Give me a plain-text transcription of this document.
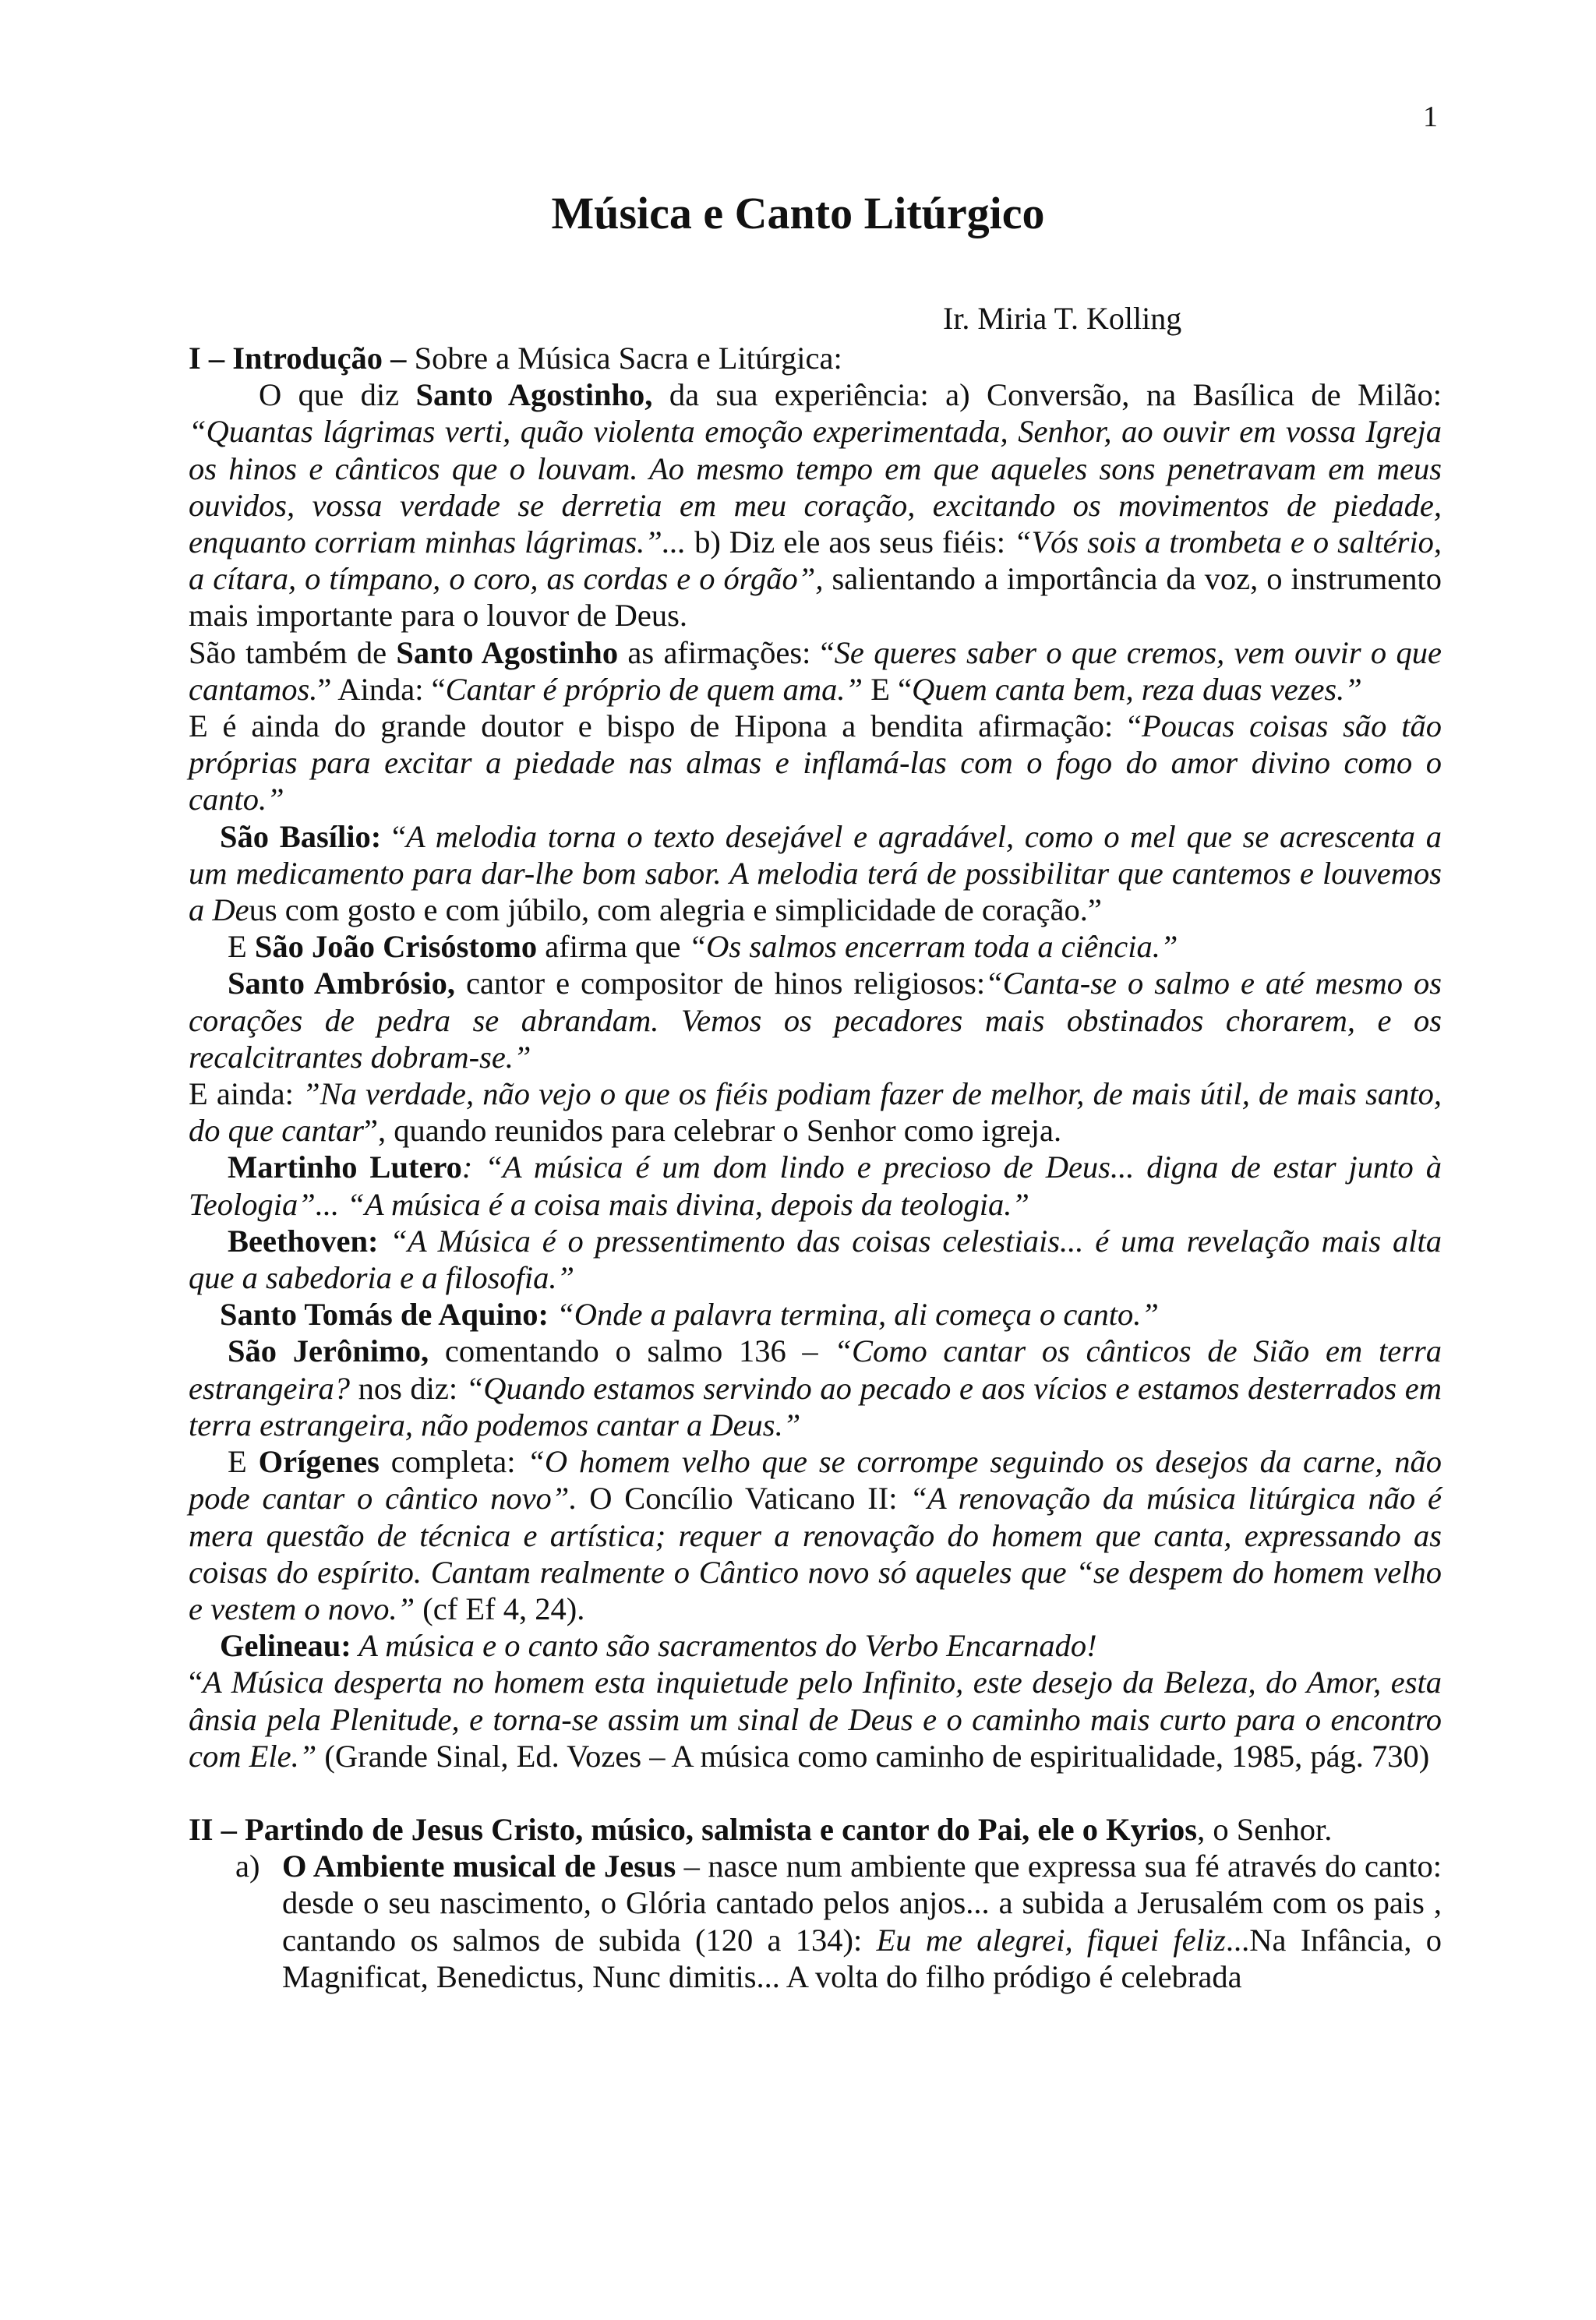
1
Música e Canto Litúrgico
Ir. Miria T. Kolling

I – Introdução – Sobre a Música Sacra e Litúrgica:

O que diz Santo Agostinho, da sua experiência: a) Conversão, na Basílica de Milão: “Quantas lágrimas verti, quão violenta emoção experimentada, Senhor, ao ouvir em vossa Igreja os hinos e cânticos que o louvam. Ao mesmo tempo em que aqueles sons penetravam em meus ouvidos, vossa verdade se derretia em meu coração, excitando os movimentos de piedade, enquanto corriam minhas lágrimas.”... b) Diz ele aos seus fiéis: “Vós sois a trombeta e o saltério, a cítara, o tímpano, o coro, as cordas e o órgão”, salientando a importância da voz, o instrumento mais importante para o louvor de Deus.

São também de Santo Agostinho as afirmações: “Se queres saber o que cremos, vem ouvir o que cantamos.” Ainda: “Cantar é próprio de quem ama.” E “Quem canta bem, reza duas vezes.”

E é ainda do grande doutor e bispo de Hipona a bendita afirmação: “Poucas coisas são tão próprias para excitar a piedade nas almas e inflamá-las com o fogo do amor divino como o canto.”

São Basílio: “A melodia torna o texto desejável e agradável, como o mel que se acrescenta a um medicamento para dar-lhe bom sabor. A melodia terá de possibilitar que cantemos e louvemos a Deus com gosto e com júbilo, com alegria e simplicidade de coração.”

E São João Crisóstomo afirma que “Os salmos encerram toda a ciência.”

Santo Ambrósio, cantor e compositor de hinos religiosos:“Canta-se o salmo e até mesmo os corações de pedra se abrandam. Vemos os pecadores mais obstinados chorarem, e os recalcitrantes dobram-se.”

E ainda: ”Na verdade, não vejo o que os fiéis podiam fazer de melhor, de mais útil, de mais santo, do que cantar”, quando reunidos para celebrar o Senhor como igreja.

Martinho Lutero: “A música é um dom lindo e precioso de Deus... digna de estar junto à Teologia”... “A música é a coisa mais divina, depois da teologia.”

Beethoven: “A Música é o pressentimento das coisas celestiais... é uma revelação mais alta que a sabedoria e a filosofia.”

Santo Tomás de Aquino: “Onde a palavra termina, ali começa o canto.”

São Jerônimo, comentando o salmo 136 – “Como cantar os cânticos de Sião em terra estrangeira? nos diz: “Quando estamos servindo ao pecado e aos vícios e estamos desterrados em terra estrangeira, não podemos cantar a Deus.”

E Orígenes completa: “O homem velho que se corrompe seguindo os desejos da carne, não pode cantar o cântico novo”. O Concílio Vaticano II: “A renovação da música litúrgica não é mera questão de técnica e artística; requer a renovação do homem que canta, expressando as coisas do espírito. Cantam realmente o Cântico novo só aqueles que “se despem do homem velho e vestem o novo.” (cf Ef 4, 24).

Gelineau: A música e o canto são sacramentos do Verbo Encarnado!

“A Música desperta no homem esta inquietude pelo Infinito, este desejo da Beleza, do Amor, esta ânsia pela Plenitude, e torna-se assim um sinal de Deus e o caminho mais curto para o encontro com Ele.” (Grande Sinal, Ed. Vozes – A música como caminho de espiritualidade, 1985, pág. 730)

II – Partindo de Jesus Cristo, músico, salmista e cantor do Pai, ele o Kyrios, o Senhor.

a) O Ambiente musical de Jesus – nasce num ambiente que expressa sua fé através do canto: desde o seu nascimento, o Glória cantado pelos anjos... a subida a Jerusalém com os pais , cantando os salmos de subida (120 a 134): Eu me alegrei, fiquei feliz...Na Infância, o Magnificat, Benedictus, Nunc dimitis... A volta do filho pródigo é celebrada
